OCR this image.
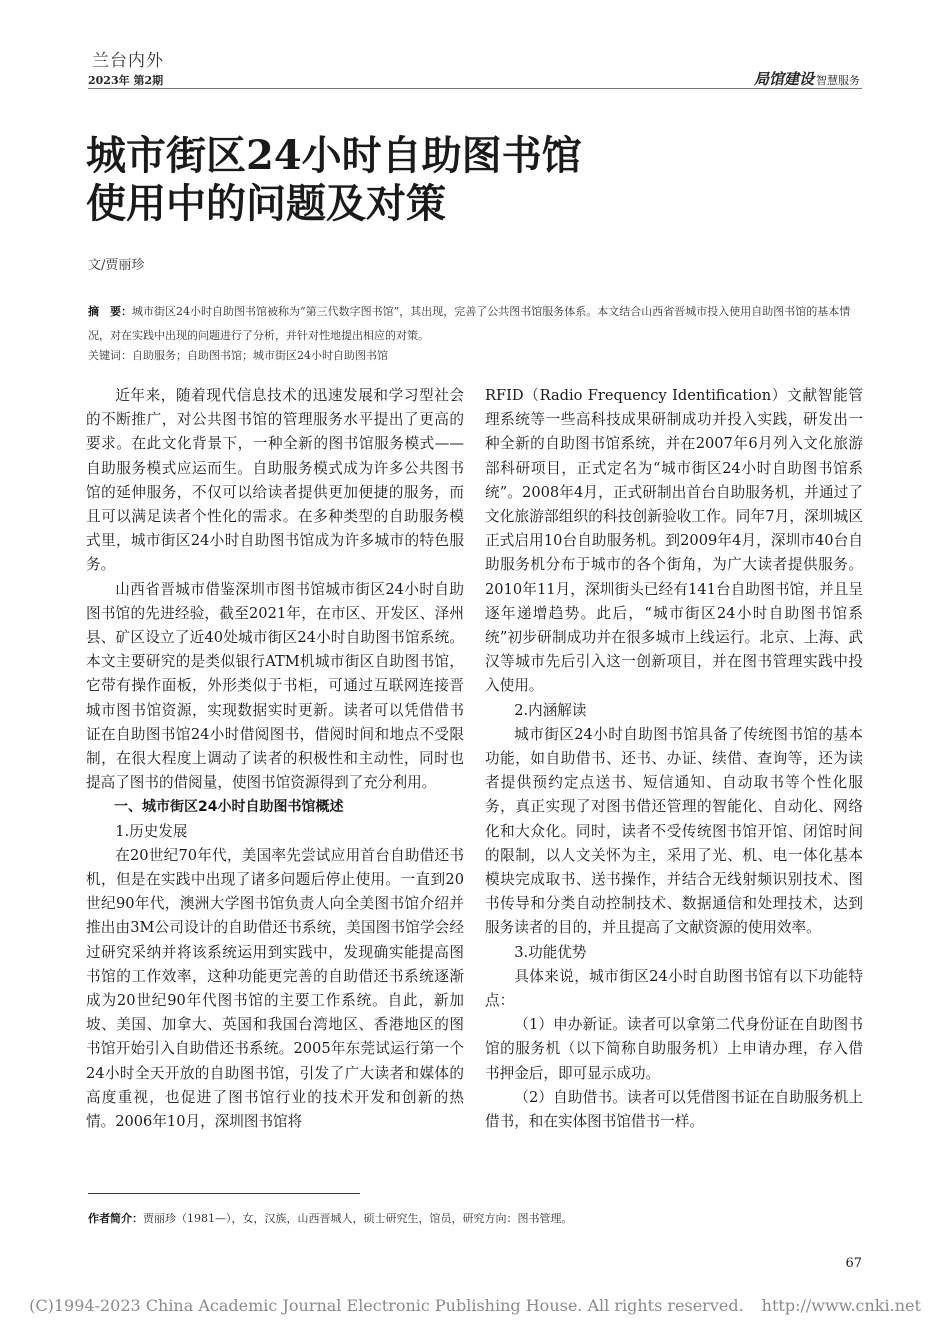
兰台内外
2023年 第2期	局馆建设 智慧服务
城市街区24小时自助图书馆
使用中的问题及对策
文/贾丽珍
摘　要：城市街区24小时自助图书馆被称为“第三代数字图书馆”，其出现，完善了公共图书馆服务体系。本文结合山西省晋城市投入使用自助图书馆的基本情况，对在实践中出现的问题进行了分析，并针对性地提出相应的对策。
关键词：自助服务；自助图书馆；城市街区24小时自助图书馆

近年来，随着现代信息技术的迅速发展和学习型社会的不断推广，对公共图书馆的管理服务水平提出了更高的要求。在此文化背景下，一种全新的图书馆服务模式——自助服务模式应运而生。自助服务模式成为许多公共图书馆的延伸服务，不仅可以给读者提供更加便捷的服务，而且可以满足读者个性化的需求。在多种类型的自助服务模式里，城市街区24小时自助图书馆成为许多城市的特色服务。

山西省晋城市借鉴深圳市图书馆城市街区24小时自助图书馆的先进经验，截至2021年，在市区、开发区、泽州县、矿区设立了近40处城市街区24小时自助图书馆系统。本文主要研究的是类似银行ATM机城市街区自助图书馆，它带有操作面板，外形类似于书柜，可通过互联网连接晋城市图书馆资源，实现数据实时更新。读者可以凭借借书证在自助图书馆24小时借阅图书，借阅时间和地点不受限制，在很大程度上调动了读者的积极性和主动性，同时也提高了图书的借阅量，使图书馆资源得到了充分利用。

一、城市街区24小时自助图书馆概述

1.历史发展

在20世纪70年代，美国率先尝试应用首台自助借还书机，但是在实践中出现了诸多问题后停止使用。一直到20世纪90年代，澳洲大学图书馆负责人向全美图书馆介绍并推出由3M公司设计的自助借还书系统，美国图书馆学会经过研究采纳并将该系统运用到实践中，发现确实能提高图书馆的工作效率，这种功能更完善的自助借还书系统逐渐成为20世纪90年代图书馆的主要工作系统。自此，新加坡、美国、加拿大、英国和我国台湾地区、香港地区的图书馆开始引入自助借还书系统。2005年东莞试运行第一个24小时全天开放的自助图书馆，引发了广大读者和媒体的高度重视，也促进了图书馆行业的技术开发和创新的热情。2006年10月，深圳图书馆将

RFID（Radio Frequency Identification）文献智能管理系统等一些高科技成果研制成功并投入实践，研发出一种全新的自助图书馆系统，并在2007年6月列入文化旅游部科研项目，正式定名为“城市街区24小时自助图书馆系统”。2008年4月，正式研制出首台自助服务机，并通过了文化旅游部组织的科技创新验收工作。同年7月，深圳城区正式启用10台自助服务机。到2009年4月，深圳市40台自助服务机分布于城市的各个街角，为广大读者提供服务。2010年11月，深圳街头已经有141台自助图书馆，并且呈逐年递增趋势。此后，“城市街区24小时自助图书馆系统”初步研制成功并在很多城市上线运行。北京、上海、武汉等城市先后引入这一创新项目，并在图书管理实践中投入使用。

2.内涵解读

城市街区24小时自助图书馆具备了传统图书馆的基本功能，如自助借书、还书、办证、续借、查询等，还为读者提供预约定点送书、短信通知、自动取书等个性化服务，真正实现了对图书借还管理的智能化、自动化、网络化和大众化。同时，读者不受传统图书馆开馆、闭馆时间的限制，以人文关怀为主，采用了光、机、电一体化基本模块完成取书、送书操作，并结合无线射频识别技术、图书传导和分类自动控制技术、数据通信和处理技术，达到服务读者的目的，并且提高了文献资源的使用效率。

3.功能优势

具体来说，城市街区24小时自助图书馆有以下功能特点：

（1）申办新证。读者可以拿第二代身份证在自助图书馆的服务机（以下简称自助服务机）上申请办理，存入借书押金后，即可显示成功。

（2）自助借书。读者可以凭借图书证在自助服务机上借书，和在实体图书馆借书一样。

作者简介：贾丽珍（1981—），女，汉族，山西晋城人，硕士研究生，馆员，研究方向：图书管理。
67
(C)1994-2023 China Academic Journal Electronic Publishing House. All rights reserved. http://www.cnki.net
